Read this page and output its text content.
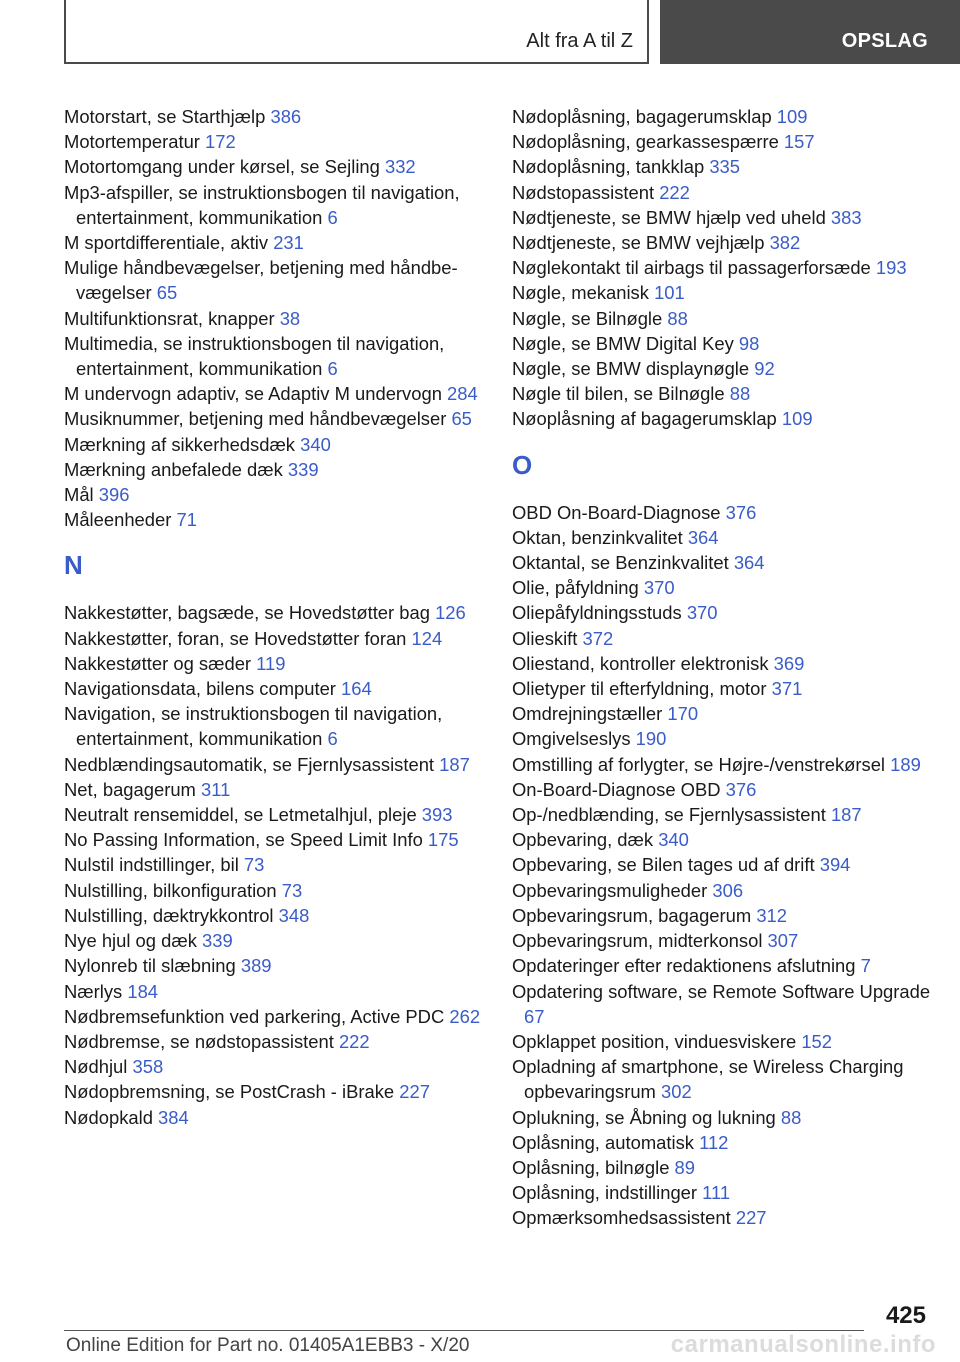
Alt fra A til Z	OPSLAG
Motorstart, se Starthjælp 386
Motortemperatur 172
Motortomgang under kørsel, se Sejling 332
Mp3-afspiller, se instruktionsbogen til navigation, entertainment, kommunikation 6
M sportdifferentiale, aktiv 231
Mulige håndbevægelser, betjening med håndbevægelser 65
Multifunktionsrat, knapper 38
Multimedia, se instruktionsbogen til navigation, entertainment, kommunikation 6
M undervogn adaptiv, se Adaptiv M undervogn 284
Musiknummer, betjening med håndbevægelser 65
Mærkning af sikkerhedsdæk 340
Mærkning anbefalede dæk 339
Mål 396
Måleenheder 71
N
Nakkestøtter, bagsæde, se Hovedstøtter bag 126
Nakkestøtter, foran, se Hovedstøtter foran 124
Nakkestøtter og sæder 119
Navigationsdata, bilens computer 164
Navigation, se instruktionsbogen til navigation, entertainment, kommunikation 6
Nedblændingsautomatik, se Fjernlysassistent 187
Net, bagagerum 311
Neutralt rensemiddel, se Letmetalhjul, pleje 393
No Passing Information, se Speed Limit Info 175
Nulstil indstillinger, bil 73
Nulstilling, bilkonfiguration 73
Nulstilling, dæktrykkontrol 348
Nye hjul og dæk 339
Nylonreb til slæbning 389
Nærlys 184
Nødbremsefunktion ved parkering, Active PDC 262
Nødbremse, se nødstopassistent 222
Nødhjul 358
Nødopbremsning, se PostCrash - iBrake 227
Nødopkald 384
Nødoplåsning, bagagerumsklap 109
Nødoplåsning, gearkassespærre 157
Nødoplåsning, tankklap 335
Nødstopassistent 222
Nødtjeneste, se BMW hjælp ved uheld 383
Nødtjeneste, se BMW vejhjælp 382
Nøglekontakt til airbags til passagerforsæde 193
Nøgle, mekanisk 101
Nøgle, se Bilnøgle 88
Nøgle, se BMW Digital Key 98
Nøgle, se BMW displaynøgle 92
Nøgle til bilen, se Bilnøgle 88
Nøoplåsning af bagagerumsklap 109
O
OBD On-Board-Diagnose 376
Oktan, benzinkvalitet 364
Oktantal, se Benzinkvalitet 364
Olie, påfyldning 370
Oliepåfyldningsstuds 370
Olieskift 372
Oliestand, kontroller elektronisk 369
Olietyper til efterfyldning, motor 371
Omdrejningstæller 170
Omgivelseslys 190
Omstilling af forlygter, se Højre-/venstrekørsel 189
On-Board-Diagnose OBD 376
Op-/nedblænding, se Fjernlysassistent 187
Opbevaring, dæk 340
Opbevaring, se Bilen tages ud af drift 394
Opbevaringsmuligheder 306
Opbevaringsrum, bagagerum 312
Opbevaringsrum, midterkonsol 307
Opdateringer efter redaktionens afslutning 7
Opdatering software, se Remote Software Upgrade 67
Opklappet position, vinduesviskere 152
Opladning af smartphone, se Wireless Charging opbevaringsrum 302
Oplukning, se Åbning og lukning 88
Oplåsning, automatisk 112
Oplåsning, bilnøgle 89
Oplåsning, indstillinger 111
Opmærksomhedsassistent 227
425
Online Edition for Part no. 01405A1EBB3 - X/20	carmanualsonline.info
